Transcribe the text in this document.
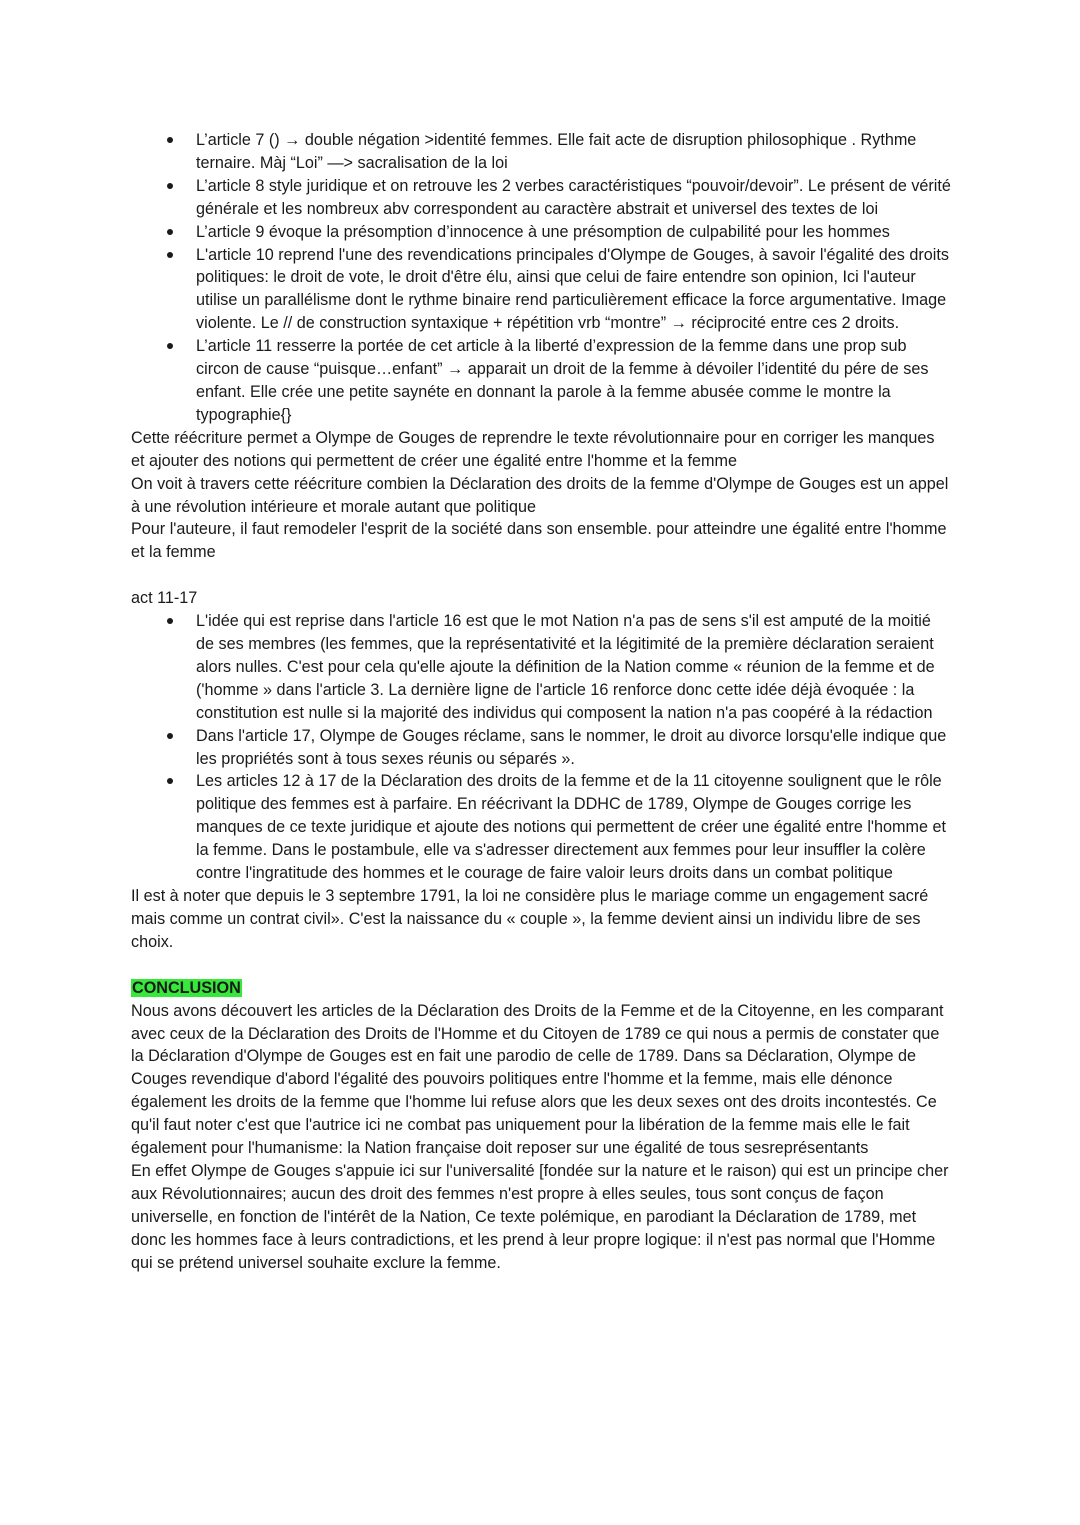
L’article 7 () → double négation >identité femmes. Elle fait acte de disruption philosophique . Rythme ternaire. Màj “Loi” —> sacralisation de la loi
L’article 8 style juridique et on retrouve les 2 verbes caractéristiques “pouvoir/devoir”. Le présent de vérité générale et les nombreux abv correspondent au caractère abstrait et universel des textes de loi
L’article 9 évoque la présomption d’innocence à une présomption de culpabilité pour les hommes
L'article 10 reprend l'une des revendications principales d'Olympe de Gouges, à savoir l'égalité des droits politiques: le droit de vote, le droit d'être élu, ainsi que celui de faire entendre son opinion, Ici l'auteur utilise un parallélisme dont le rythme binaire rend particulièrement efficace la force argumentative. Image violente. Le // de construction syntaxique + répétition vrb “montre” → réciprocité entre ces 2 droits.
L’article 11 resserre la portée de cet article à la liberté d’expression de la femme dans une prop sub circon de cause “puisque…enfant” → apparait un droit de la femme à dévoiler l’identité du pére de ses enfant. Elle crée une petite saynéte en donnant la parole à la femme abusée comme le montre la typographie{}

Cette réécriture permet a Olympe de Gouges de reprendre le texte révolutionnaire pour en corriger les manques et ajouter des notions qui permettent de créer une égalité entre l'homme et la femme

On voit à travers cette réécriture combien la Déclaration des droits de la femme d'Olympe de Gouges est un appel à une révolution intérieure et morale autant que politique

Pour l'auteure, il faut remodeler l'esprit de la société dans son ensemble. pour atteindre une égalité entre l'homme et la femme

act 11-17

L'idée qui est reprise dans l'article 16 est que le mot Nation n'a pas de sens s'il est amputé de la moitié de ses membres (les femmes, que la représentativité et la légitimité de la première déclaration seraient alors nulles. C'est pour cela qu'elle ajoute la définition de la Nation comme « réunion de la femme et de ('homme » dans l'article 3. La dernière ligne de l'article 16 renforce donc cette idée déjà évoquée : la constitution est nulle si la majorité des individus qui composent la nation n'a pas coopéré à la rédaction
Dans l'article 17, Olympe de Gouges réclame, sans le nommer, le droit au divorce lorsqu'elle indique que les propriétés sont à tous sexes réunis ou séparés ».
Les articles 12 à 17 de la Déclaration des droits de la femme et de la 11 citoyenne soulignent que le rôle politique des femmes est à parfaire. En réécrivant la DDHC de 1789, Olympe de Gouges corrige les manques de ce texte juridique et ajoute des notions qui permettent de créer une égalité entre l'homme et la femme. Dans le postambule, elle va s'adresser directement aux femmes pour leur insuffler la colère contre l'ingratitude des hommes et le courage de faire valoir leurs droits dans un combat politique

Il est à noter que depuis le 3 septembre 1791, la loi ne considère plus le mariage comme un engagement sacré mais comme un contrat civil». C'est la naissance du « couple », la femme devient ainsi un individu libre de ses choix.

CONCLUSION

Nous avons découvert les articles de la Déclaration des Droits de la Femme et de la Citoyenne, en les comparant avec ceux de la Déclaration des Droits de l'Homme et du Citoyen de 1789 ce qui nous a permis de constater que la Déclaration d'Olympe de Gouges est en fait une parodio de celle de 1789. Dans sa Déclaration, Olympe de Couges revendique d'abord l'égalité des pouvoirs politiques entre l'homme et la femme, mais elle dénonce également les droits de la femme que l'homme lui refuse alors que les deux sexes ont des droits incontestés. Ce qu'il faut noter c'est que l'autrice ici ne combat pas uniquement pour la libération de la femme mais elle le fait également pour l'humanisme: la Nation française doit reposer sur une égalité de tous sesreprésentants

En effet Olympe de Gouges s'appuie ici sur l'universalité [fondée sur la nature et le raison) qui est un principe cher aux Révolutionnaires; aucun des droit des femmes n'est propre à elles seules, tous sont conçus de façon universelle, en fonction de l'intérêt de la Nation, Ce texte polémique, en parodiant la Déclaration de 1789, met donc les hommes face à leurs contradictions, et les prend à leur propre logique: il n'est pas normal que l'Homme qui se prétend universel souhaite exclure la femme.
